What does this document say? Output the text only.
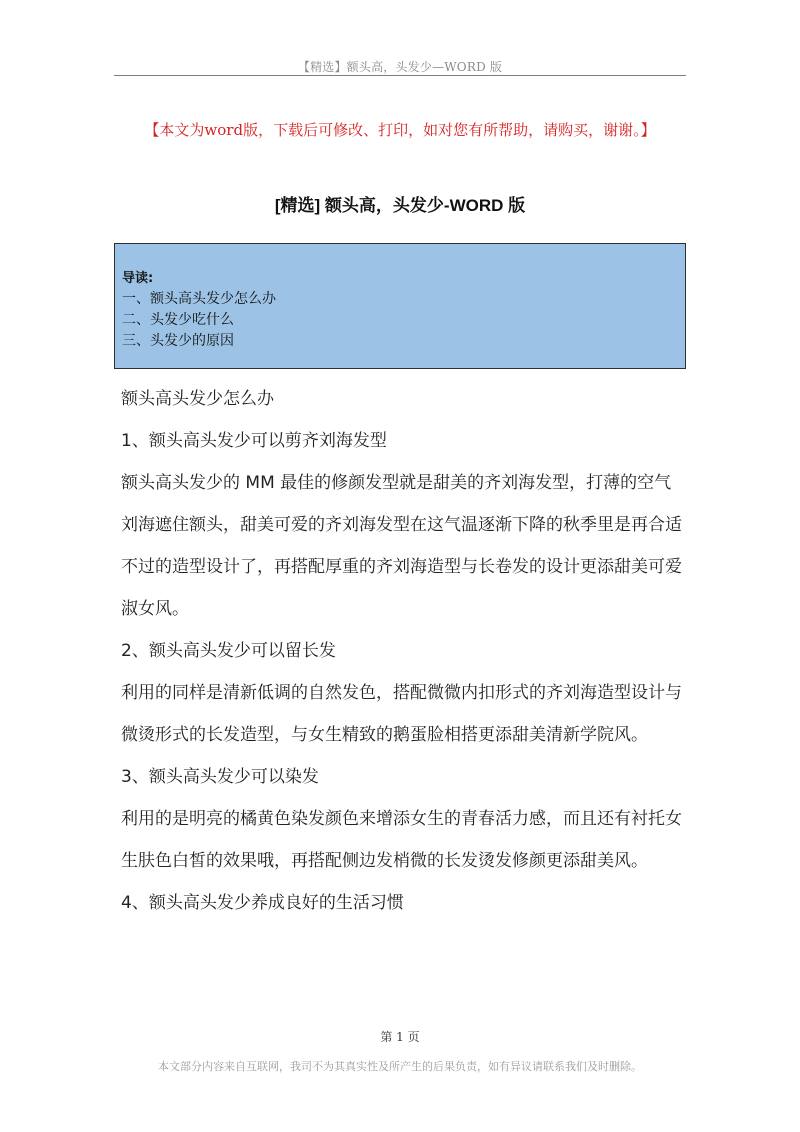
【精选】额头高，头发少—WORD 版
【本文为word版，下载后可修改、打印，如对您有所帮助，请购买，谢谢。】
[精选] 额头高，头发少-WORD 版
导读:
一、额头高头发少怎么办
二、头发少吃什么
三、头发少的原因

额头高头发少怎么办

1、额头高头发少可以剪齐刘海发型

额头高头发少的 MM 最佳的修颜发型就是甜美的齐刘海发型，打薄的空气刘海遮住额头，甜美可爱的齐刘海发型在这气温逐渐下降的秋季里是再合适不过的造型设计了，再搭配厚重的齐刘海造型与长卷发的设计更添甜美可爱淑女风。

2、额头高头发少可以留长发

利用的同样是清新低调的自然发色，搭配微微内扣形式的齐刘海造型设计与微烫形式的长发造型，与女生精致的鹅蛋脸相搭更添甜美清新学院风。

3、额头高头发少可以染发

利用的是明亮的橘黄色染发颜色来增添女生的青春活力感，而且还有衬托女生肤色白皙的效果哦，再搭配侧边发梢微的长发烫发修颜更添甜美风。

4、额头高头发少养成良好的生活习惯

第 1 页
本文部分内容来自互联网，我司不为其真实性及所产生的后果负责，如有异议请联系我们及时删除。
